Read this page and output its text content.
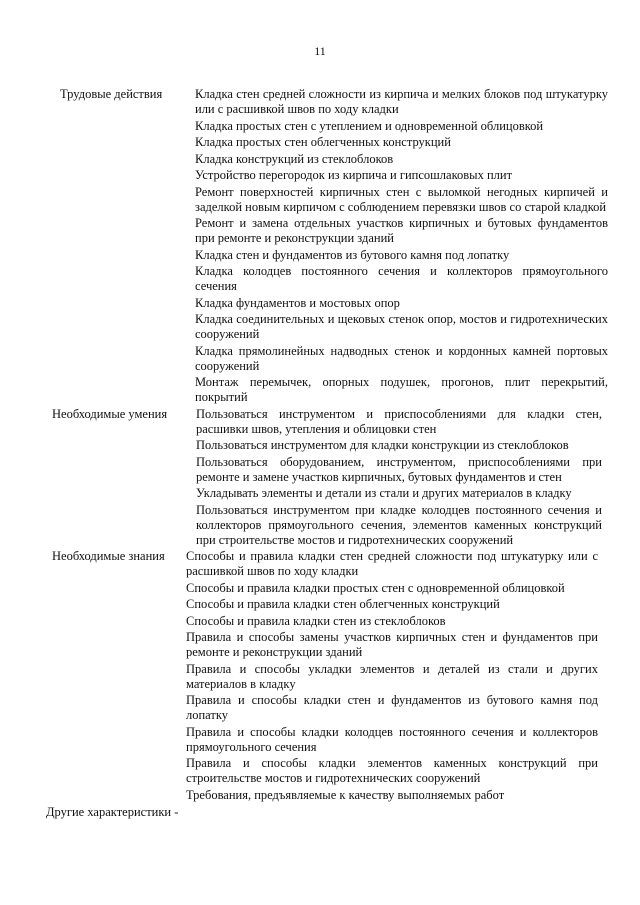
11
Трудовые действия	Кладка стен средней сложности из кирпича и мелких блоков под штукатурку или с расшивкой швов по ходу кладки
Кладка простых стен с утеплением и одновременной облицовкой
Кладка простых стен облегченных конструкций
Кладка конструкций из стеклоблоков
Устройство перегородок из кирпича и гипсошлаковых плит
Ремонт поверхностей кирпичных стен с выломкой негодных кирпичей и заделкой новым кирпичом с соблюдением перевязки швов со старой кладкой
Ремонт и замена отдельных участков кирпичных и бутовых фундаментов при ремонте и реконструкции зданий
Кладка стен и фундаментов из бутового камня под лопатку
Кладка колодцев постоянного сечения и коллекторов прямоугольного сечения
Кладка фундаментов и мостовых опор
Кладка соединительных и щековых стенок опор, мостов и гидротехнических сооружений
Кладка прямолинейных надводных стенок и кордонных камней портовых сооружений
Монтаж перемычек, опорных подушек, прогонов, плит перекрытий, покрытий
Необходимые умения	Пользоваться инструментом и приспособлениями для кладки стен, расшивки швов, утепления и облицовки стен
Пользоваться инструментом для кладки конструкции из стеклоблоков
Пользоваться оборудованием, инструментом, приспособлениями при ремонте и замене участков кирпичных, бутовых фундаментов и стен
Укладывать элементы и детали из стали и других материалов в кладку
Пользоваться инструментом при кладке колодцев постоянного сечения и коллекторов прямоугольного сечения, элементов каменных конструкций при строительстве мостов и гидротехнических сооружений
Необходимые знания	Способы и правила кладки стен средней сложности под штукатурку или с расшивкой швов по ходу кладки
Способы и правила кладки простых стен с одновременной облицовкой
Способы и правила кладки стен облегченных конструкций
Способы и правила кладки стен из стеклоблоков
Правила и способы замены участков кирпичных стен и фундаментов при ремонте и реконструкции зданий
Правила и способы укладки элементов и деталей из стали и других материалов в кладку
Правила и способы кладки стен и фундаментов из бутового камня под лопатку
Правила и способы кладки колодцев постоянного сечения и коллекторов прямоугольного сечения
Правила и способы кладки элементов каменных конструкций при строительстве мостов и гидротехнических сооружений
Требования, предъявляемые к качеству выполняемых работ
Другие характеристики -
